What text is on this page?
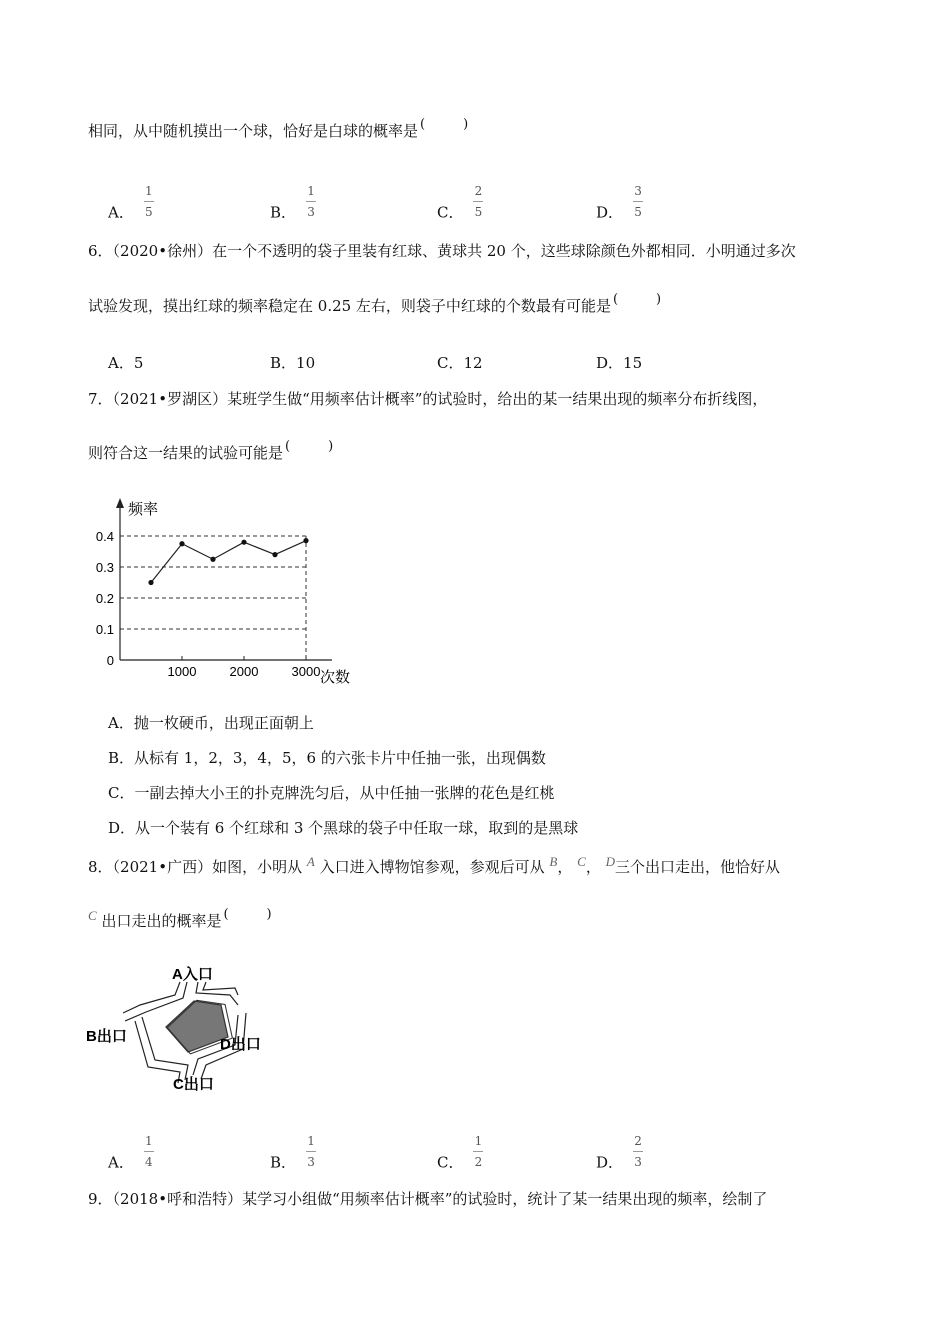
相同，从中随机摸出一个球，恰好是白球的概率是 (	)
A． $\frac{1}{5}$	B． $\frac{1}{3}$	C． $\frac{2}{5}$	D． $\frac{3}{5}$
6．（2020•徐州）在一个不透明的袋子里装有红球、黄球共 20 个，这些球除颜色外都相同．小明通过多次
试验发现，摸出红球的频率稳定在 0.25 左右，则袋子中红球的个数最有可能是 (	)
A．5	B．10	C．12	D．15
7．（2021•罗湖区）某班学生做“用频率估计概率”的试验时，给出的某一结果出现的频率分布折线图，
则符合这一结果的试验可能是 (	)
0
0.1
0.2
0.3
0.4
1000	2000	3000
频率
次数
A．抛一枚硬币，出现正面朝上
B．从标有 1，2，3，4，5，6 的六张卡片中任抽一张，出现偶数
C．一副去掉大小王的扑克牌洗匀后，从中任抽一张牌的花色是红桃
D．从一个装有 6 个红球和 3 个黑球的袋子中任取一球，取到的是黑球
8．（2021•广西）如图，小明从 A 入口进入博物馆参观，参观后可从 B， C， D三个出口走出，他恰好从
C 出口走出的概率是 (	)
A入口
B出口	D出口
C出口
A． $\frac{1}{4}$	B． $\frac{1}{3}$	C． $\frac{1}{2}$	D． $\frac{2}{3}$
9．（2018•呼和浩特）某学习小组做“用频率估计概率”的试验时，统计了某一结果出现的频率，绘制了
